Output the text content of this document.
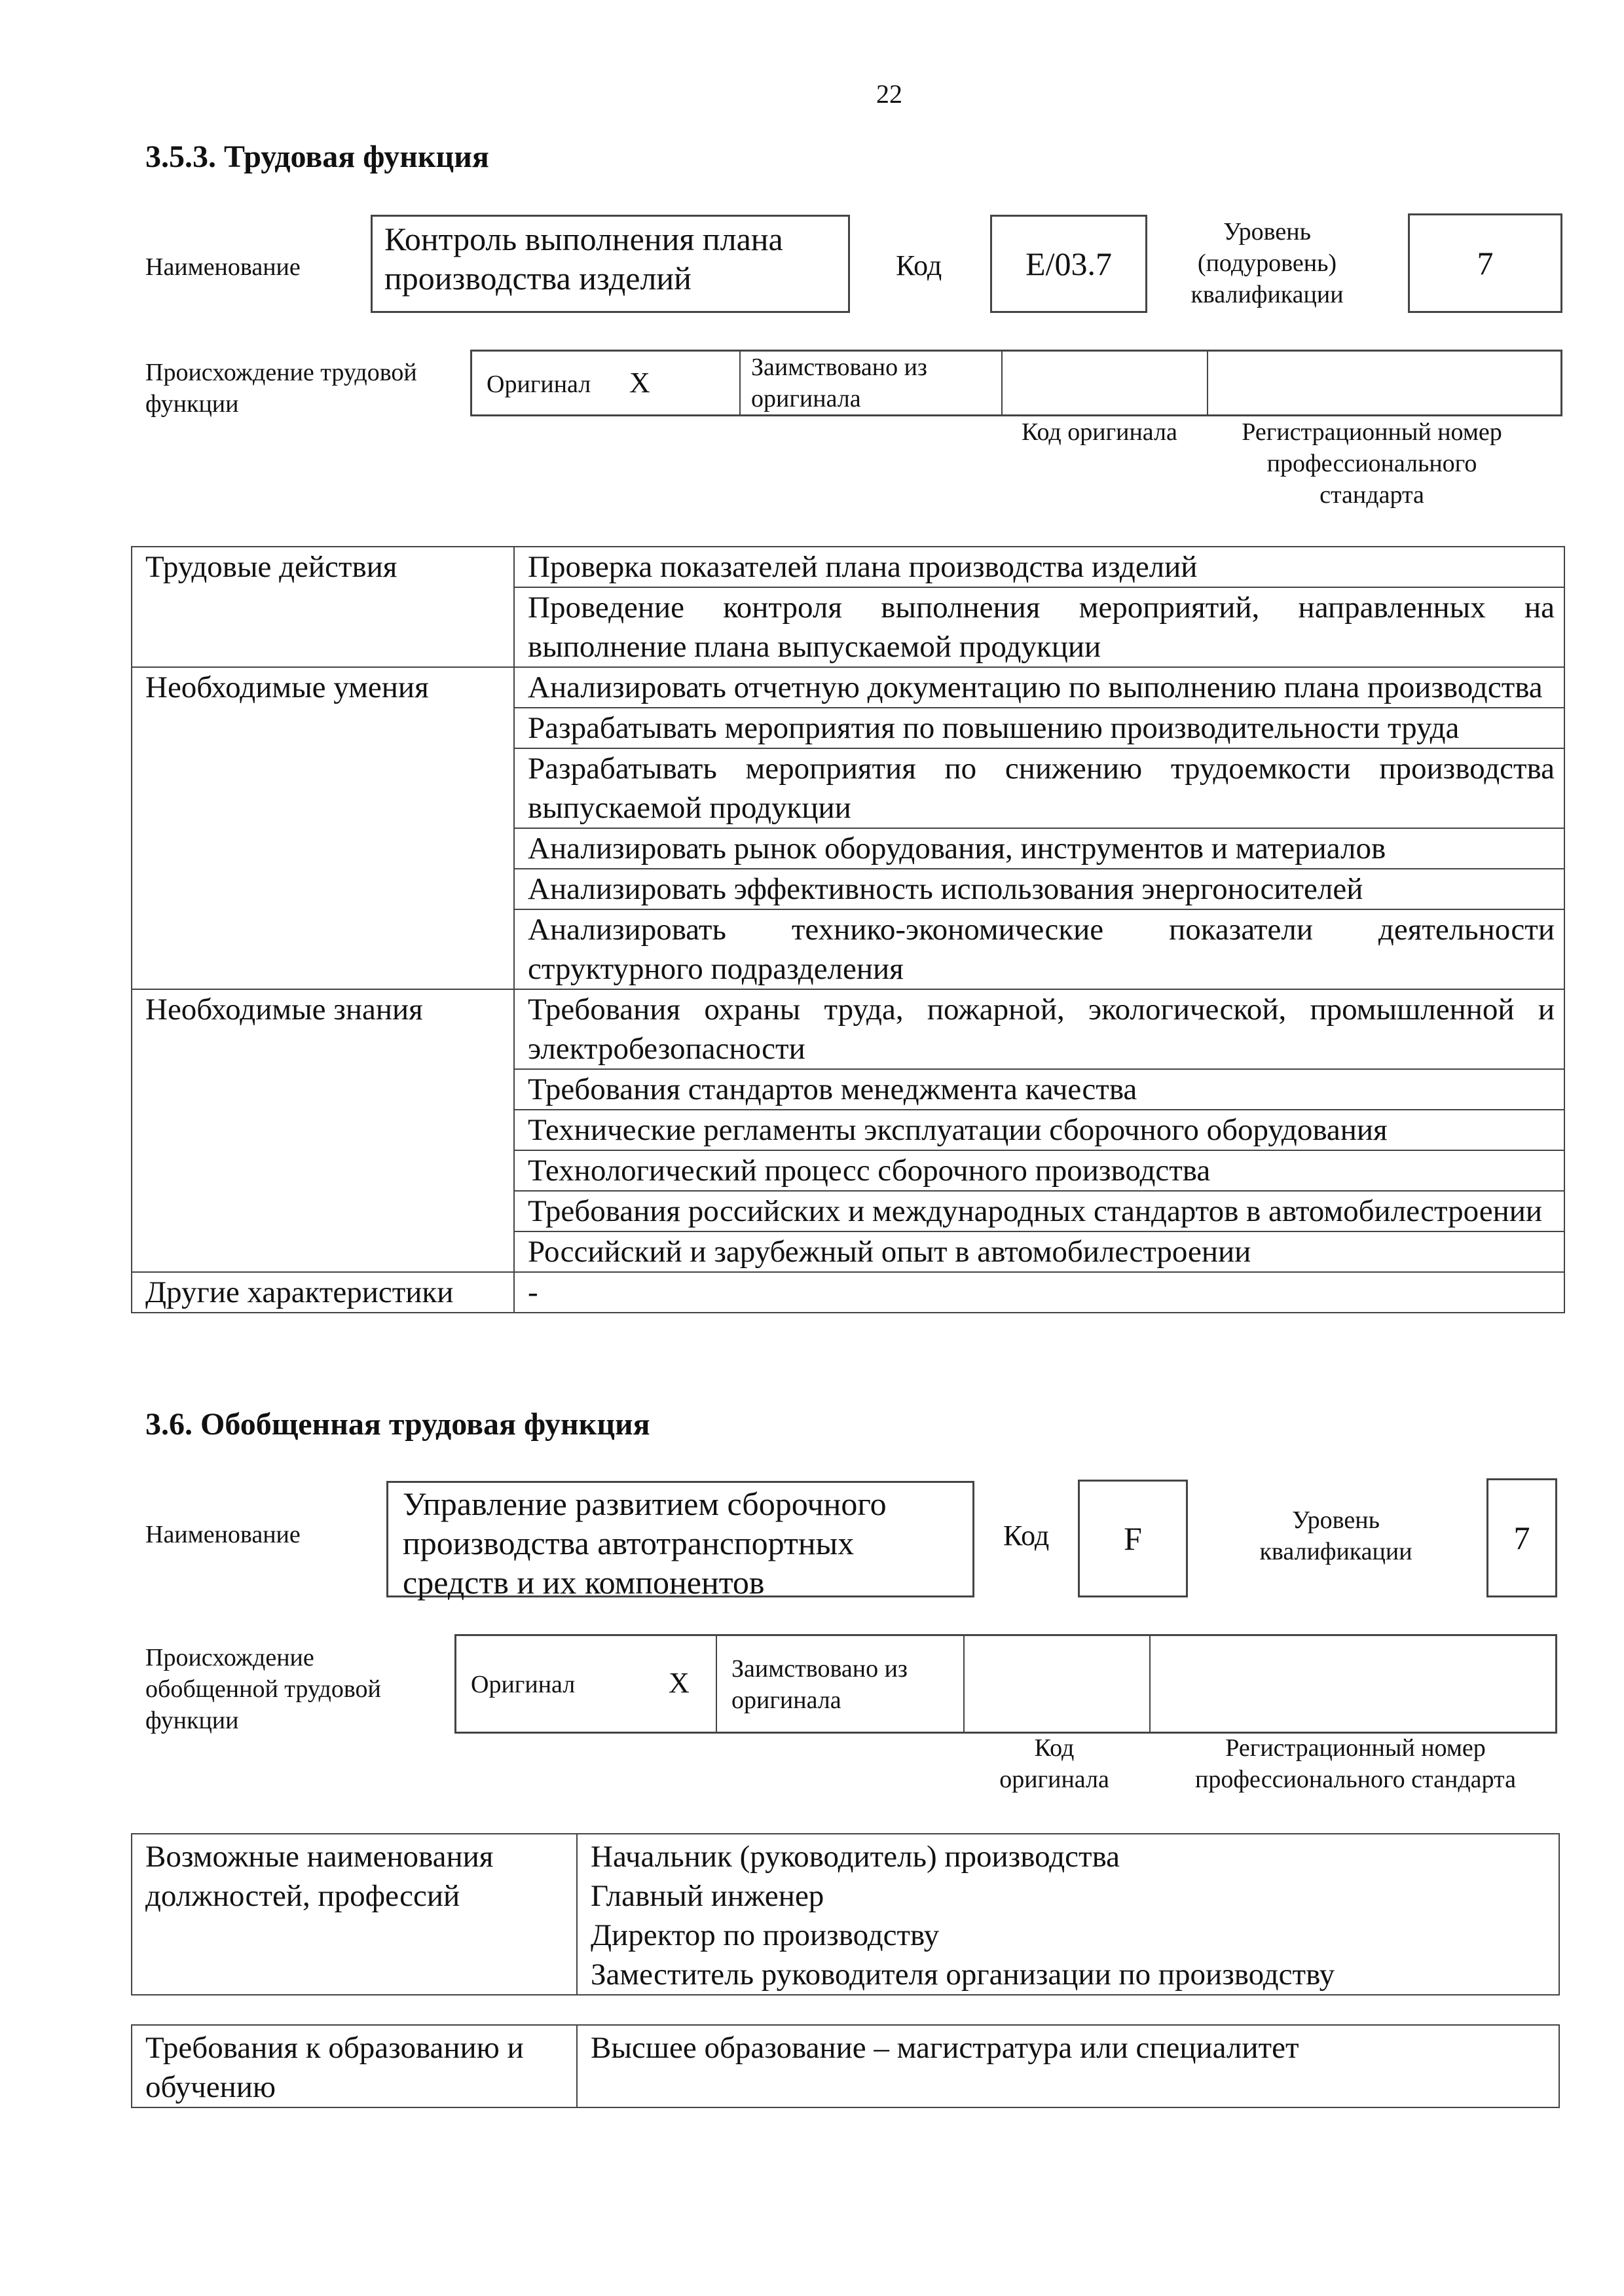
22
3.5.3. Трудовая функция
Наименование
Контроль выполнения плана производства изделий	Код	E/03.7
Уровень (подуровень) квалификации
7
Происхождение трудовой функции
Оригинал X	Заимствовано из оригинала
Код оригинала	Регистрационный номер профессионального стандарта
Трудовые действия	Проверка показателей плана производства изделий
	Проведение контроля выполнения мероприятий, направленных на выполнение плана выпускаемой продукции
Необходимые умения	Анализировать отчетную документацию по выполнению плана производства
	Разрабатывать мероприятия по повышению производительности труда
	Разрабатывать мероприятия по снижению трудоемкости производства выпускаемой продукции
	Анализировать рынок оборудования, инструментов и материалов
	Анализировать эффективность использования энергоносителей
	Анализировать технико-экономические показатели деятельности структурного подразделения
Необходимые знания	Требования охраны труда, пожарной, экологической, промышленной и электробезопасности
	Требования стандартов менеджмента качества
	Технические регламенты эксплуатации сборочного оборудования
	Технологический процесс сборочного производства
	Требования российских и международных стандартов в автомобилестроении
	Российский и зарубежный опыт в автомобилестроении
Другие характеристики	-
3.6. Обобщенная трудовая функция
Наименование
Управление развитием сборочного производства автотранспортных средств и их компонентов
Код F	Уровень квалификации	7
Происхождение обобщенной трудовой функции
Оригинал	X Заимствовано из оригинала
Код оригинала
Регистрационный номер профессионального стандарта
Возможные наименования должностей, профессий	
Начальник (руководитель) производства
Главный инженер
Директор по производству
Заместитель руководителя организации по производству
Требования к образованию и обучению	Высшее образование – магистратура или специалитет
